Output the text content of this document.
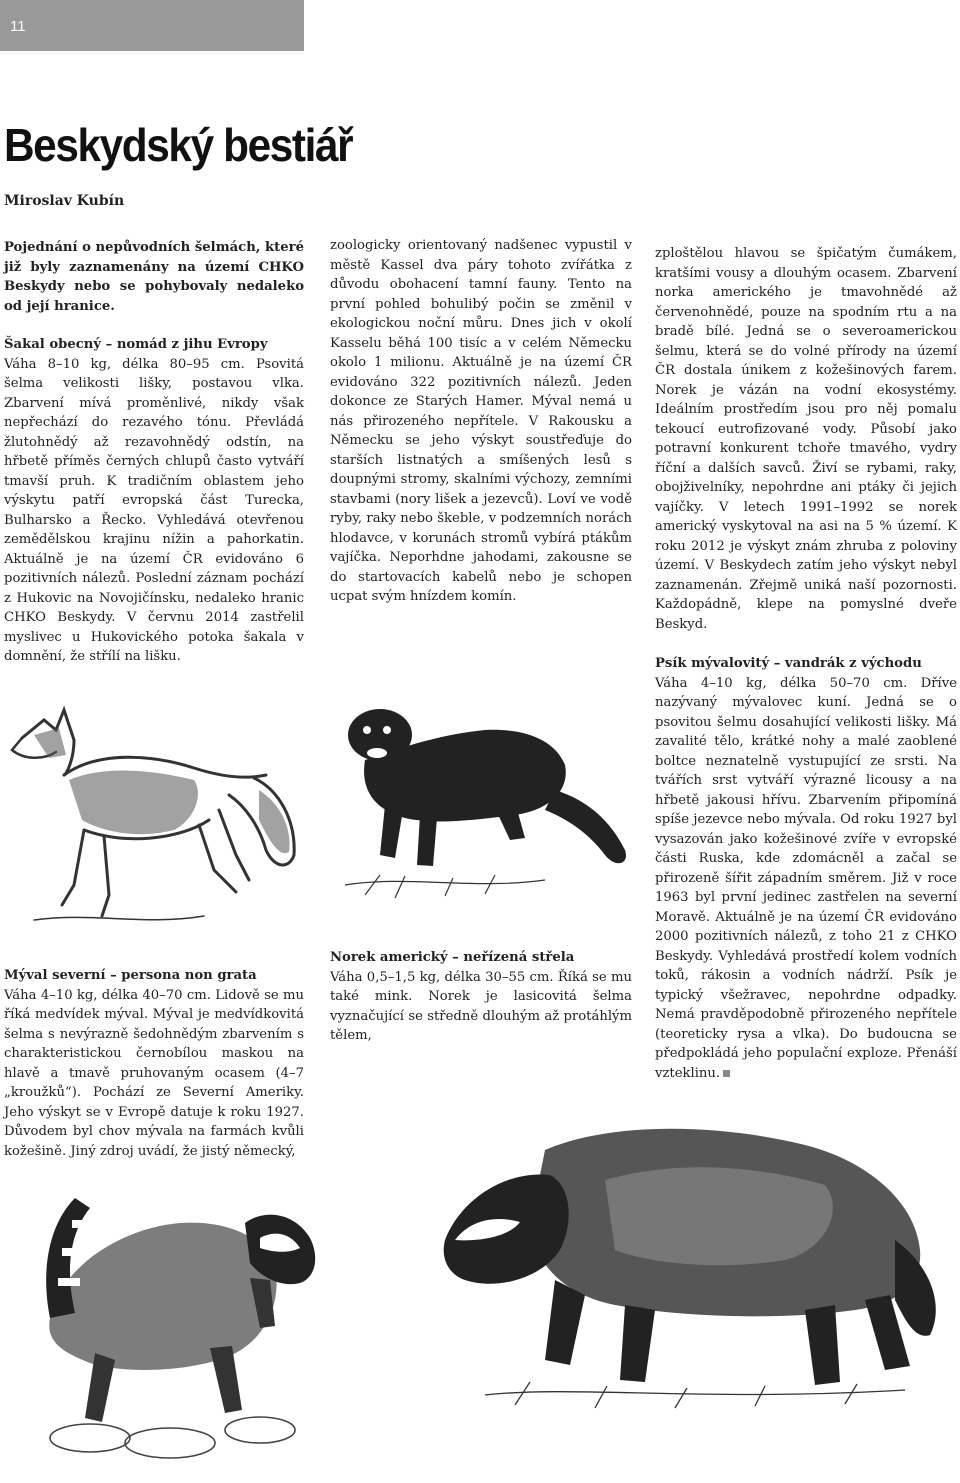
11
Beskydský bestiář
Miroslav Kubín

Pojednání o nepůvodních šelmách, které již byly zaznamenány na území CHKO Beskydy nebo se pohybovaly nedaleko od její hranice.

Šakal obecný – nomád z jihu Evropy

Váha 8–10 kg, délka 80–95 cm. Psovitá šelma velikosti lišky, postavou vlka. Zbarvení mívá proměnlivé, nikdy však nepřechází do rezavého tónu. Převládá žlutohnědý až rezavohnědý odstín, na hřbetě příměs černých chlupů často vytváří tmavší pruh. K tradičním oblastem jeho výskytu patří evropská část Turecka, Bulharsko a Řecko. Vyhledává otevřenou zemědělskou krajinu nížin a pahorkatin. Aktuálně je na území ČR evidováno 6 pozitivních nálezů. Poslední záznam pochází z Hukovic na Novojičínsku, nedaleko hranic CHKO Beskydy. V červnu 2014 zastřelil myslivec u Hukovického potoka šakala v domnění, že střílí na lišku.

Mýval severní – persona non grata

Váha 4–10 kg, délka 40–70 cm. Lidově se mu říká medvídek mýval. Mýval je medvídkovitá šelma s nevýrazně šedohnědým zbarvením s charakteristickou černobílou maskou na hlavě a tmavě pruhovaným ocasem (4–7 „kroužků“). Pochází ze Severní Ameriky. Jeho výskyt se v Evropě datuje k roku 1927. Důvodem byl chov mývala na farmách kvůli kožešině. Jiný zdroj uvádí, že jistý německý,

zoologicky orientovaný nadšenec vypustil v městě Kassel dva páry tohoto zvířátka z důvodu obohacení tamní fauny. Tento na první pohled bohulibý počin se změnil v ekologickou noční můru. Dnes jich v okolí Kasselu běhá 100 tisíc a v celém Německu okolo 1 milionu. Aktuálně je na území ČR evidováno 322 pozitivních nálezů. Jeden dokonce ze Starých Hamer. Mýval nemá u nás přirozeného nepřítele. V Rakousku a Německu se jeho výskyt soustřeďuje do starších listnatých a smíšených lesů s doupnými stromy, skalními výchozy, zemními stavbami (nory lišek a jezevců). Loví ve vodě ryby, raky nebo škeble, v podzemních norách hlodavce, v korunách stromů vybírá ptákům vajíčka. Neporhdne jahodami, zakousne se do startovacích kabelů nebo je schopen ucpat svým hnízdem komín.

Norek americký – neřízená střela

Váha 0,5–1,5 kg, délka 30–55 cm. Říká se mu také mink. Norek je lasicovitá šelma vyznačující se středně dlouhým až protáhlým tělem,

zploštělou hlavou se špičatým čumákem, kratšími vousy a dlouhým ocasem. Zbarvení norka amerického je tmavohnědé až červenohnědé, pouze na spodním rtu a na bradě bílé. Jedná se o severoamerickou šelmu, která se do volné přírody na území ČR dostala únikem z kožešinových farem. Norek je vázán na vodní ekosystémy. Ideálním prostředím jsou pro něj pomalu tekoucí eutrofizované vody. Působí jako potravní konkurent tchoře tmavého, vydry říční a dalších savců. Živí se rybami, raky, obojživelníky, nepohrdne ani ptáky či jejich vajíčky. V letech 1991–1992 se norek americký vyskytoval na asi na 5 % území. K roku 2012 je výskyt znám zhruba z poloviny území. V Beskydech zatím jeho výskyt nebyl zaznamenán. Zřejmě uniká naší pozornosti. Každopádně, klepe na pomyslné dveře Beskyd.

Psík mývalovitý – vandrák z východu

Váha 4–10 kg, délka 50–70 cm. Dříve nazývaný mývalovec kuní. Jedná se o psovitou šelmu dosahující velikosti lišky. Má zavalité tělo, krátké nohy a malé zaoblené boltce neznatelně vystupující ze srsti. Na tvářích srst vytváří výrazné licousy a na hřbetě jakousi hřívu. Zbarvením připomíná spíše jezevce nebo mývala. Od roku 1927 byl vysazován jako kožešinové zvíře v evropské části Ruska, kde zdomácněl a začal se přirozeně šířit západním směrem. Již v roce 1963 byl první jedinec zastřelen na severní Moravě. Aktuálně je na území ČR evidováno 2000 pozitivních nálezů, z toho 21 z CHKO Beskydy. Vyhledává prostředí kolem vodních toků, rákosin a vodních nádrží. Psík je typický všežravec, nepohrdne odpadky. Nemá pravděpodobně přirozeného nepřítele (teoreticky rysa a vlka). Do budoucna se předpokládá jeho populační exploze. Přenáší vzteklinu.
